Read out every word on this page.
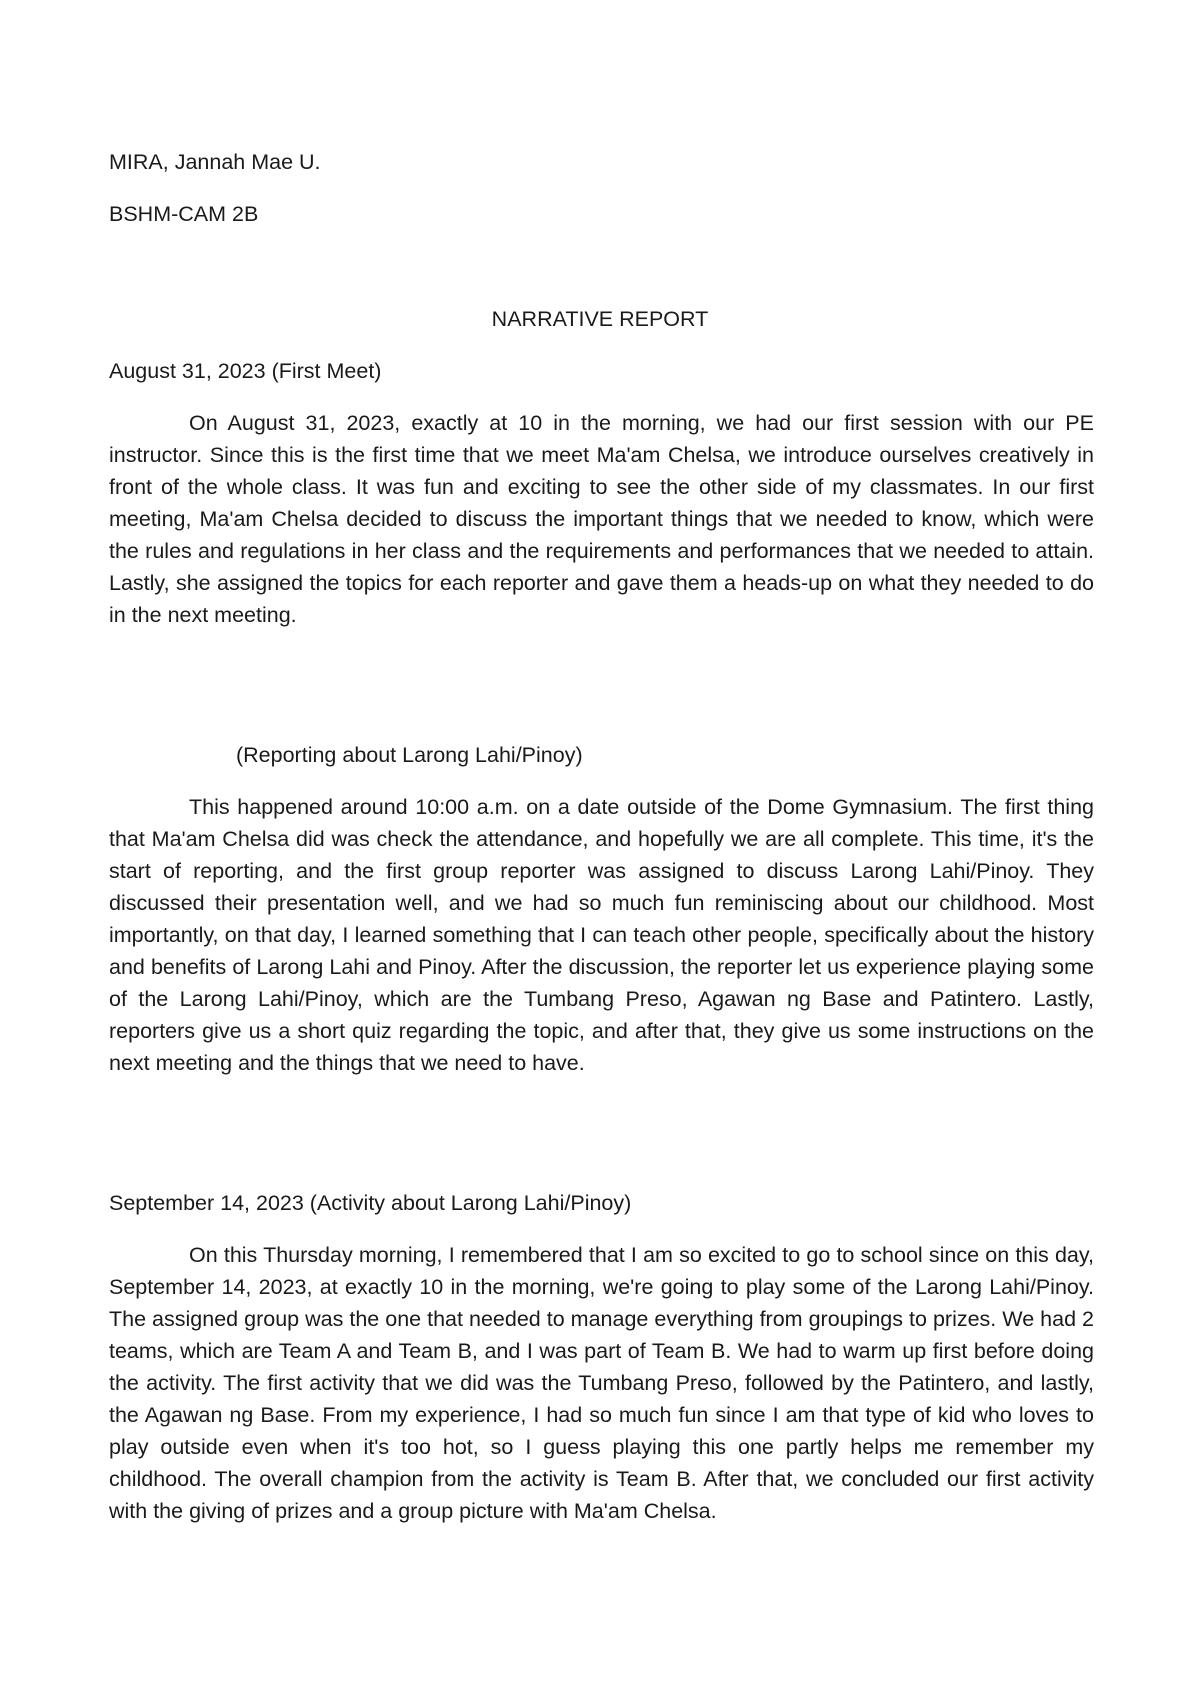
MIRA, Jannah Mae U.
BSHM-CAM 2B
NARRATIVE REPORT
August 31, 2023 (First Meet)
On August 31, 2023, exactly at 10 in the morning, we had our first session with our PE instructor. Since this is the first time that we meet Ma'am Chelsa, we introduce ourselves creatively in front of the whole class. It was fun and exciting to see the other side of my classmates. In our first meeting, Ma'am Chelsa decided to discuss the important things that we needed to know, which were the rules and regulations in her class and the requirements and performances that we needed to attain. Lastly, she assigned the topics for each reporter and gave them a heads-up on what they needed to do in the next meeting.
(Reporting about Larong Lahi/Pinoy)
This happened around 10:00 a.m. on a date outside of the Dome Gymnasium. The first thing that Ma'am Chelsa did was check the attendance, and hopefully we are all complete. This time, it's the start of reporting, and the first group reporter was assigned to discuss Larong Lahi/Pinoy. They discussed their presentation well, and we had so much fun reminiscing about our childhood. Most importantly, on that day, I learned something that I can teach other people, specifically about the history and benefits of Larong Lahi and Pinoy. After the discussion, the reporter let us experience playing some of the Larong Lahi/Pinoy, which are the Tumbang Preso, Agawan ng Base and Patintero. Lastly, reporters give us a short quiz regarding the topic, and after that, they give us some instructions on the next meeting and the things that we need to have.
September 14, 2023 (Activity about Larong Lahi/Pinoy)
On this Thursday morning, I remembered that I am so excited to go to school since on this day, September 14, 2023, at exactly 10 in the morning, we're going to play some of the Larong Lahi/Pinoy. The assigned group was the one that needed to manage everything from groupings to prizes. We had 2 teams, which are Team A and Team B, and I was part of Team B. We had to warm up first before doing the activity. The first activity that we did was the Tumbang Preso, followed by the Patintero, and lastly, the Agawan ng Base. From my experience, I had so much fun since I am that type of kid who loves to play outside even when it's too hot, so I guess playing this one partly helps me remember my childhood. The overall champion from the activity is Team B. After that, we concluded our first activity with the giving of prizes and a group picture with Ma'am Chelsa.
